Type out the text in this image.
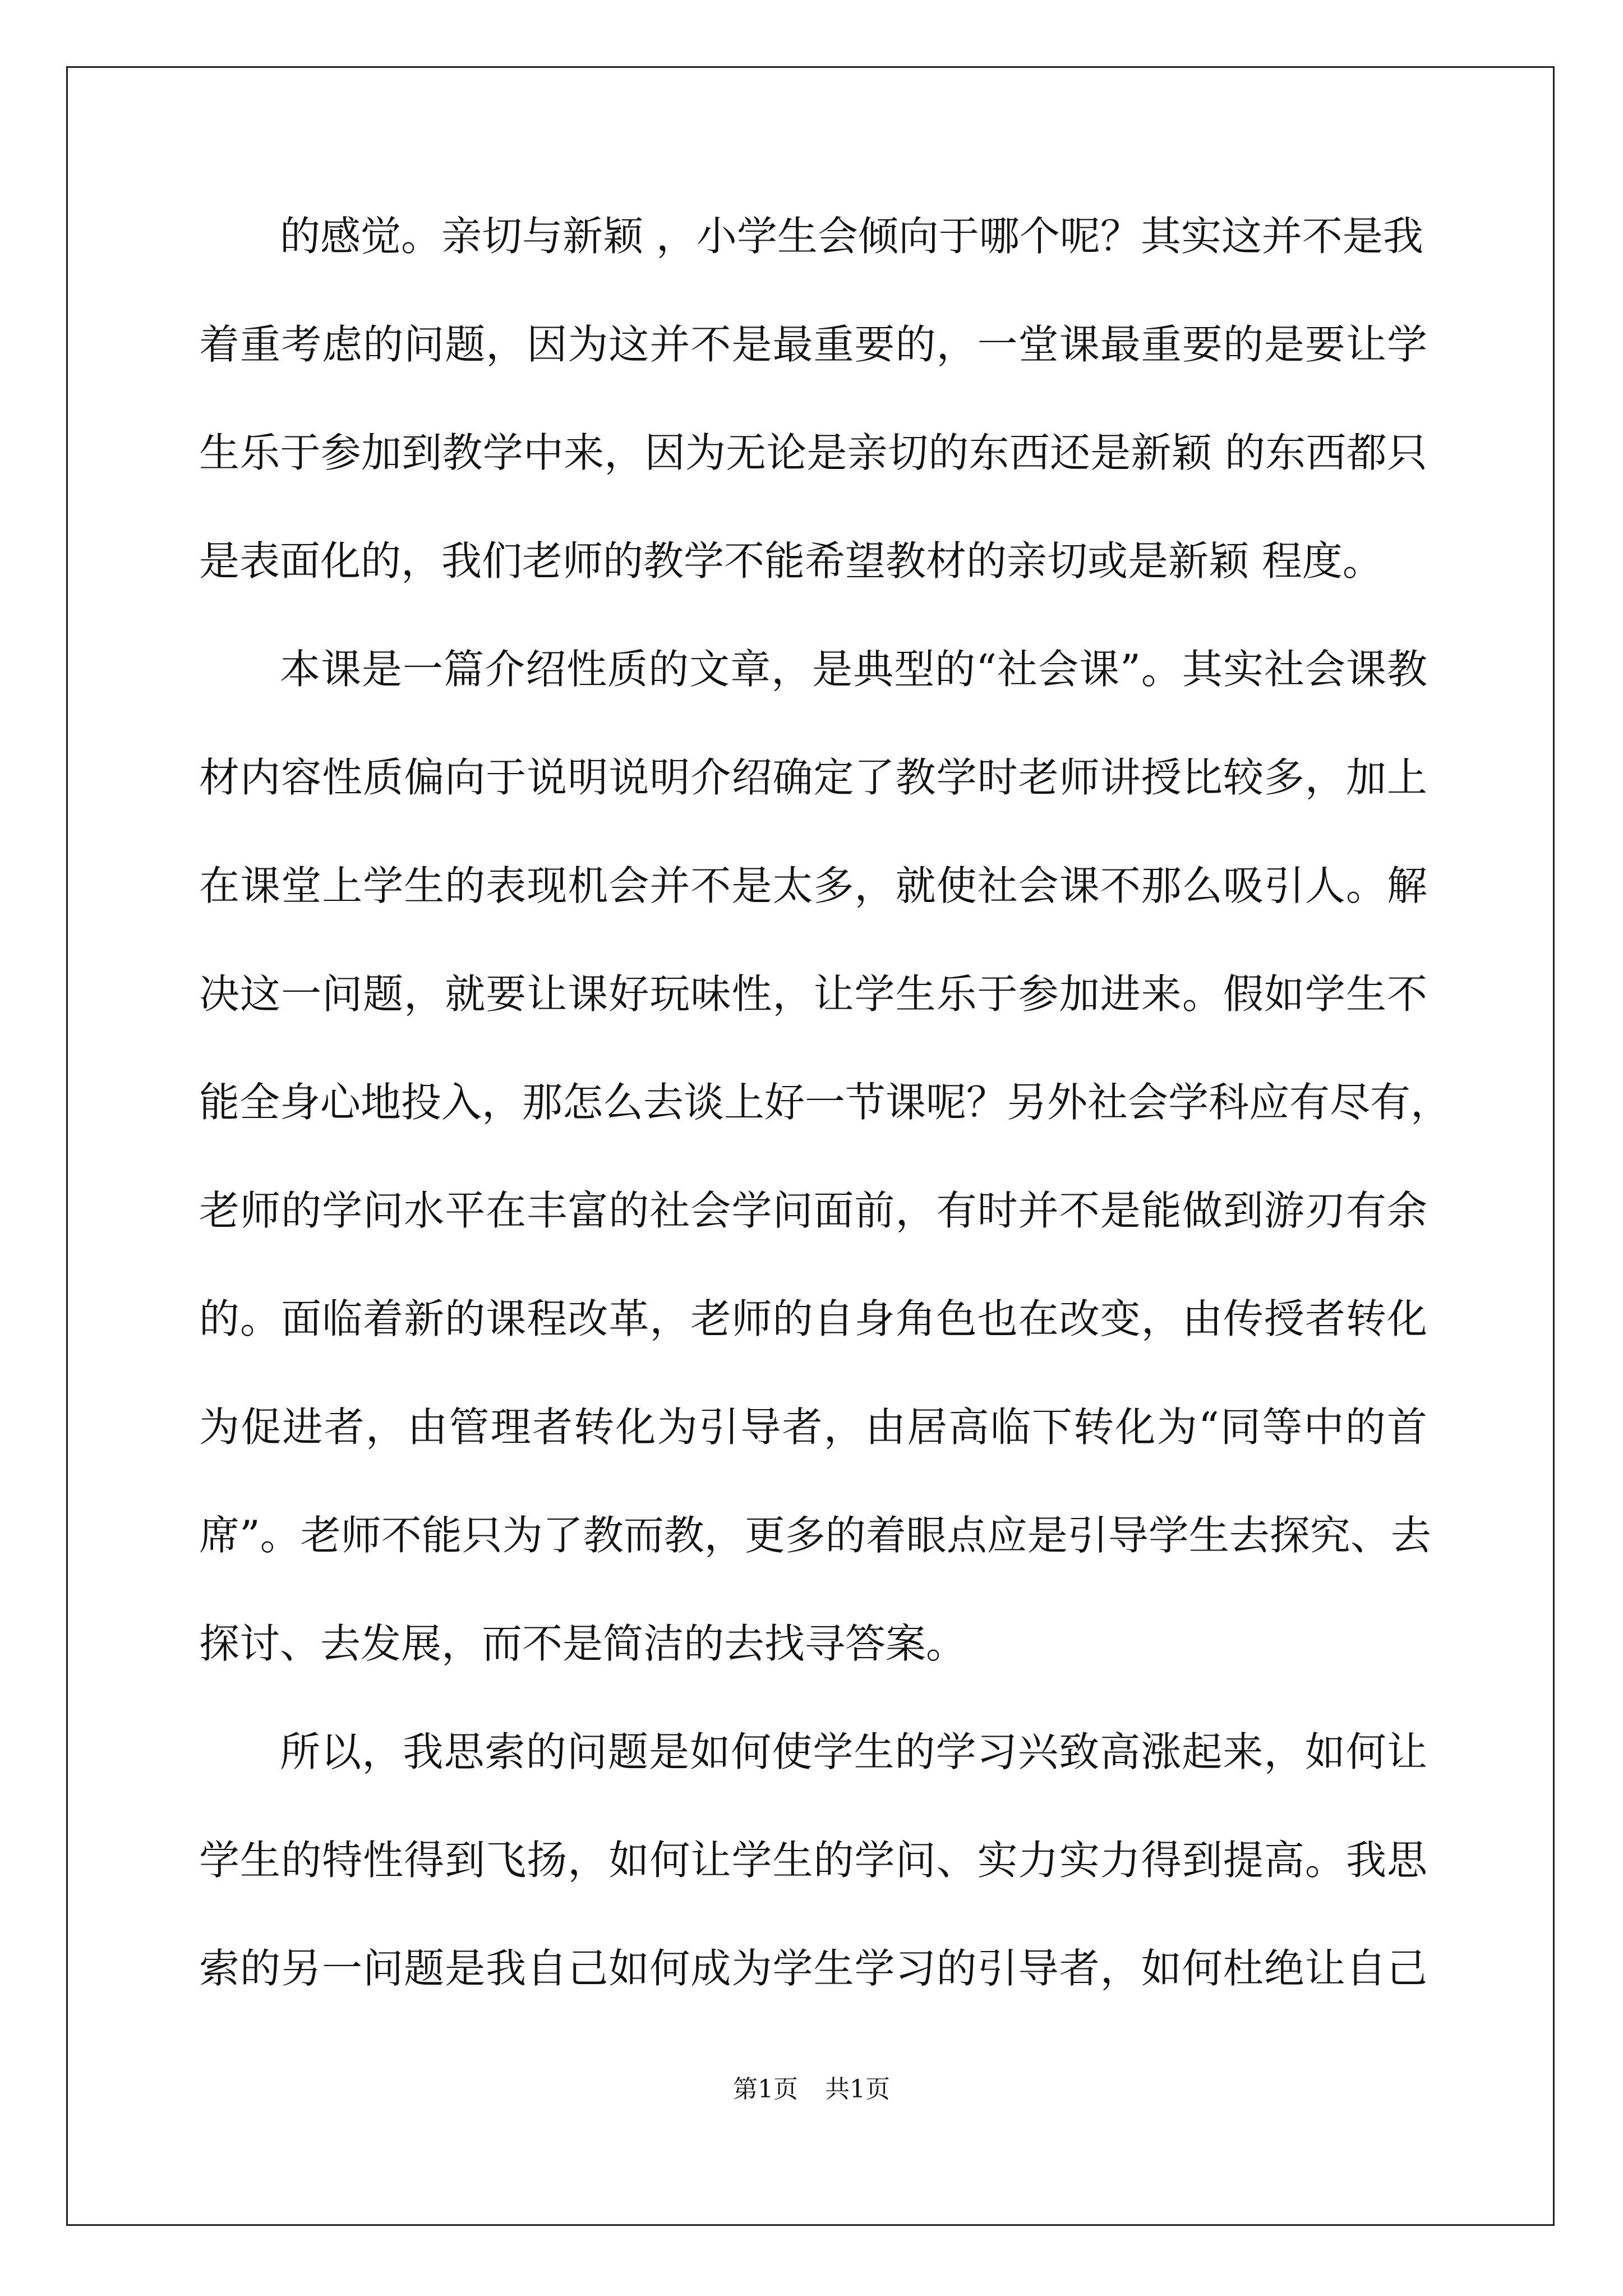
的感觉。亲切与新颖 ，小学生会倾向于哪个呢？其实这并不是我
着重考虑的问题，因为这并不是最重要的，一堂课最重要的是要让学
生乐于参加到教学中来，因为无论是亲切的东西还是新颖 的东西都只
是表面化的，我们老师的教学不能希望教材的亲切或是新颖 程度。
本课是一篇介绍性质的文章，是典型的“社会课”。其实社会课教
材内容性质偏向于说明说明介绍确定了教学时老师讲授比较多，加上
在课堂上学生的表现机会并不是太多，就使社会课不那么吸引人。解
决这一问题，就要让课好玩味性，让学生乐于参加进来。假如学生不
能全身心地投入，那怎么去谈上好一节课呢？另外社会学科应有尽有，
老师的学问水平在丰富的社会学问面前，有时并不是能做到游刃有余
的。面临着新的课程改革，老师的自身角色也在改变，由传授者转化
为促进者，由管理者转化为引导者，由居高临下转化为“同等中的首
席”。老师不能只为了教而教，更多的着眼点应是引导学生去探究、去
探讨、去发展，而不是简洁的去找寻答案。
所以，我思索的问题是如何使学生的学习兴致高涨起来，如何让
学生的特性得到飞扬，如何让学生的学问、实力实力得到提高。我思
索的另一问题是我自己如何成为学生学习的引导者，如何杜绝让自己
第1页 共1页
